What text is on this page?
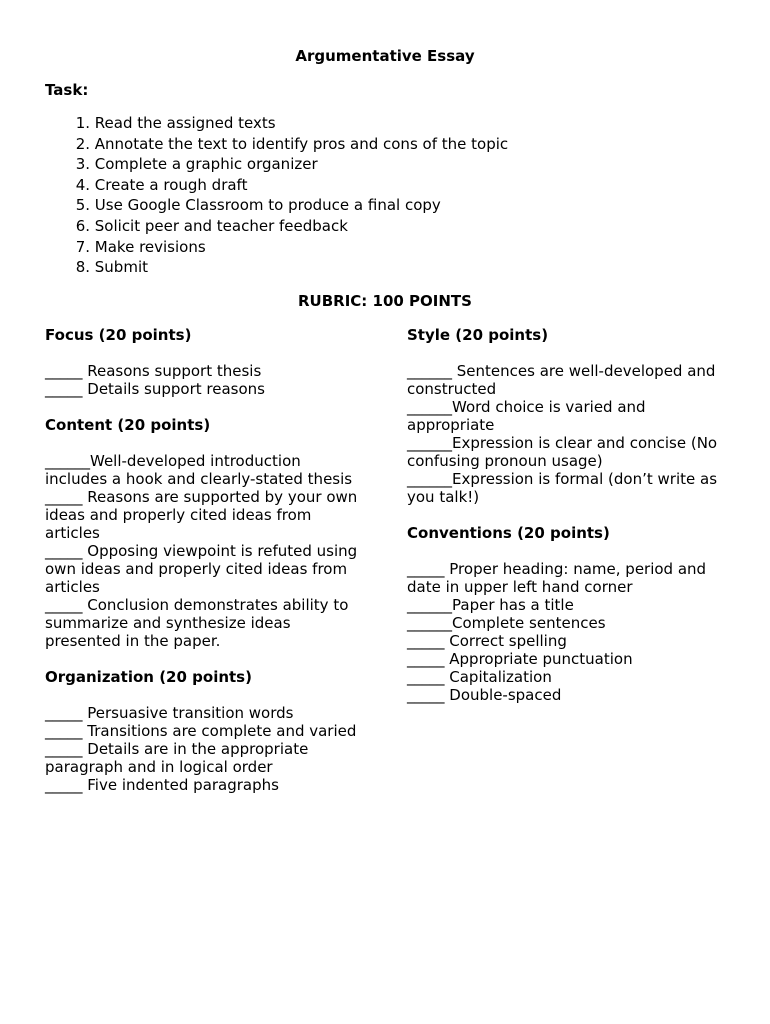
Argumentative Essay
Task:
1. Read the assigned texts
2. Annotate the text to identify pros and cons of the topic
3. Complete a graphic organizer
4. Create a rough draft
5. Use Google Classroom to produce a final copy
6. Solicit peer and teacher feedback
7. Make revisions
8. Submit
RUBRIC: 100 POINTS
Focus (20 points)
_____ Reasons support thesis
_____ Details support reasons
Content (20 points)
______Well-developed introduction includes a hook and clearly-stated thesis
_____ Reasons are supported by your own ideas and properly cited ideas from articles
_____ Opposing viewpoint is refuted using own ideas and properly cited ideas from articles
_____ Conclusion demonstrates ability to summarize and synthesize ideas presented in the paper.
Organization (20 points)
_____ Persuasive transition words
_____ Transitions are complete and varied
_____ Details are in the appropriate paragraph and in logical order
_____ Five indented paragraphs
Style (20 points)
______ Sentences are well-developed and constructed
______Word choice is varied and appropriate
______Expression is clear and concise (No confusing pronoun usage)
______Expression is formal (don’t write as you talk!)
Conventions (20 points)
_____ Proper heading: name, period and date in upper left hand corner
______Paper has a title
______Complete sentences
_____ Correct spelling
_____ Appropriate punctuation
_____ Capitalization
_____ Double-spaced
